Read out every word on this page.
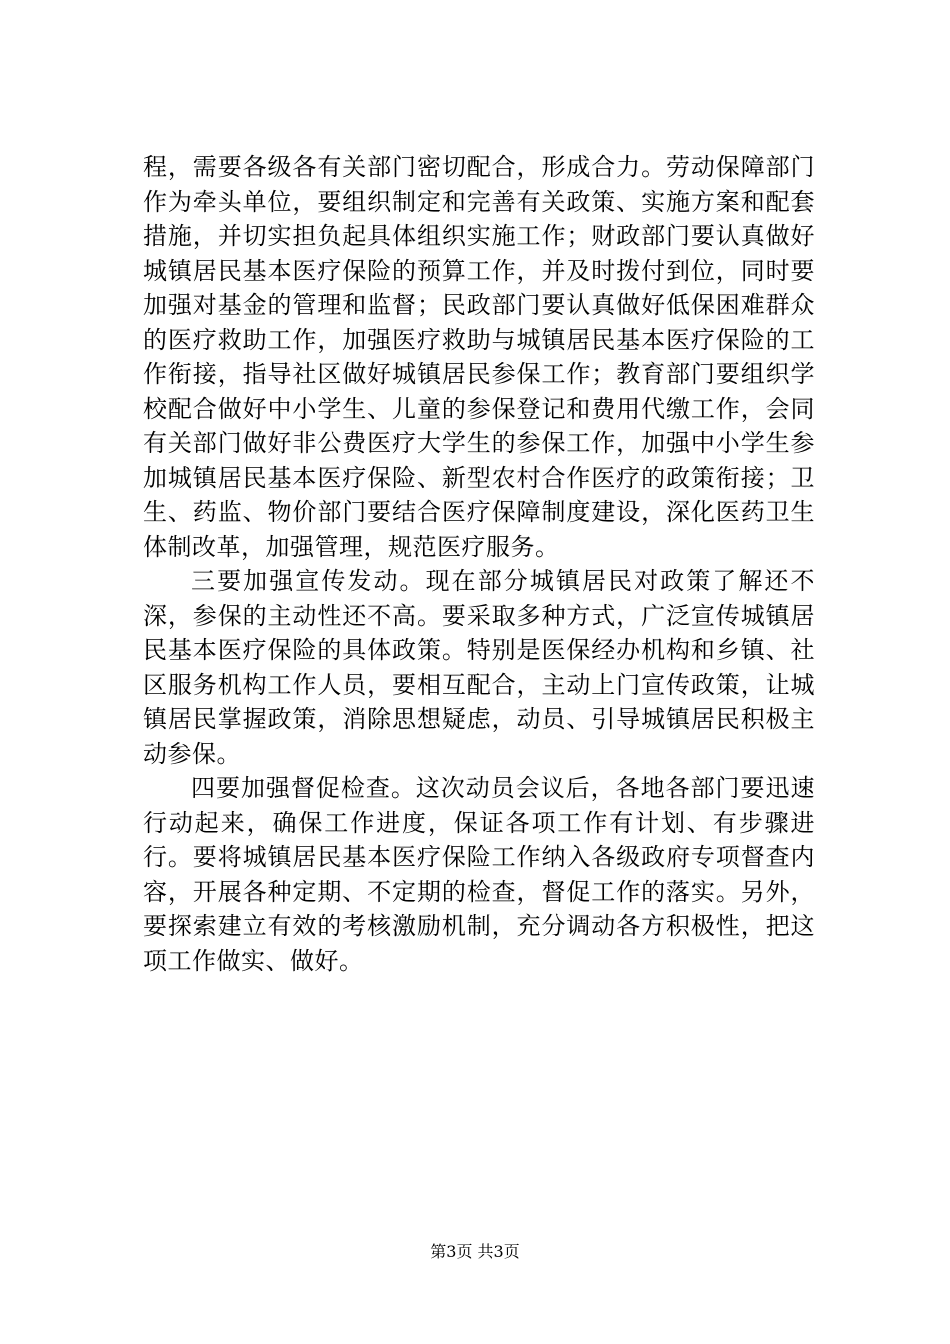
程，需要各级各有关部门密切配合，形成合力。劳动保障部门作为牵头单位，要组织制定和完善有关政策、实施方案和配套措施，并切实担负起具体组织实施工作；财政部门要认真做好城镇居民基本医疗保险的预算工作，并及时拨付到位，同时要加强对基金的管理和监督；民政部门要认真做好低保困难群众的医疗救助工作，加强医疗救助与城镇居民基本医疗保险的工作衔接，指导社区做好城镇居民参保工作；教育部门要组织学校配合做好中小学生、儿童的参保登记和费用代缴工作，会同有关部门做好非公费医疗大学生的参保工作，加强中小学生参加城镇居民基本医疗保险、新型农村合作医疗的政策衔接；卫生、药监、物价部门要结合医疗保障制度建设，深化医药卫生体制改革，加强管理，规范医疗服务。

三要加强宣传发动。现在部分城镇居民对政策了解还不深，参保的主动性还不高。要采取多种方式，广泛宣传城镇居民基本医疗保险的具体政策。特别是医保经办机构和乡镇、社区服务机构工作人员，要相互配合，主动上门宣传政策，让城镇居民掌握政策，消除思想疑虑，动员、引导城镇居民积极主动参保。

四要加强督促检查。这次动员会议后，各地各部门要迅速行动起来，确保工作进度，保证各项工作有计划、有步骤进行。要将城镇居民基本医疗保险工作纳入各级政府专项督查内容，开展各种定期、不定期的检查，督促工作的落实。另外，要探索建立有效的考核激励机制，充分调动各方积极性，把这项工作做实、做好。

第3页 共3页
